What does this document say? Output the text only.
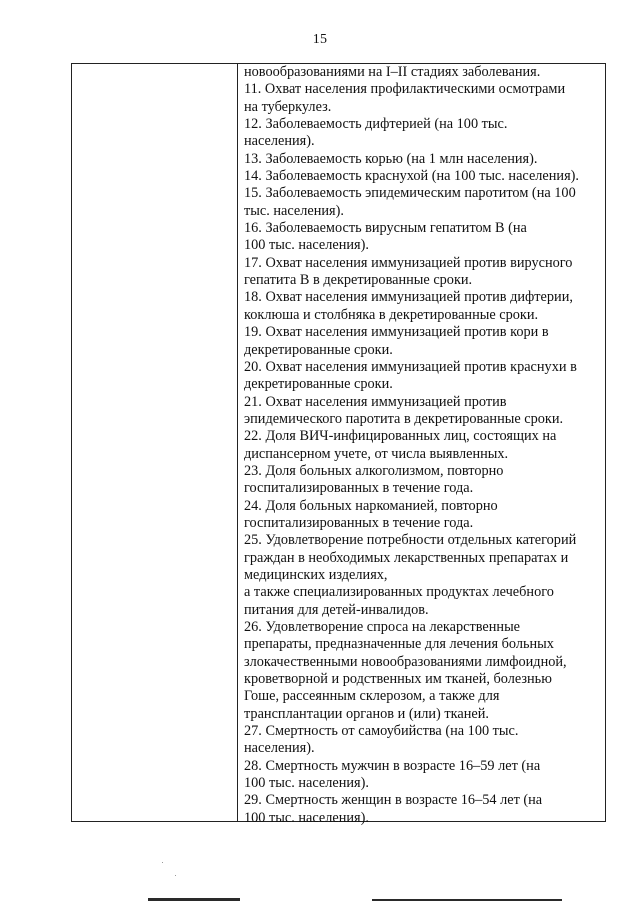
15

новообразованиями на I–II стадиях заболевания.

11. Охват населения профилактическими осмотрами

на туберкулез.

12. Заболеваемость дифтерией (на 100 тыс.

населения).

13. Заболеваемость корью (на 1 млн населения).

14. Заболеваемость краснухой (на 100 тыс. населения).

15. Заболеваемость эпидемическим паротитом (на 100

тыс. населения).

16. Заболеваемость вирусным гепатитом В (на

100 тыс. населения).

17. Охват населения иммунизацией против вирусного

гепатита В в декретированные сроки.

18. Охват населения иммунизацией против дифтерии,

коклюша и столбняка в декретированные сроки.

19. Охват населения иммунизацией против кори в

декретированные сроки.

20. Охват населения иммунизацией против краснухи в

декретированные сроки.

21. Охват населения иммунизацией против

эпидемического паротита в декретированные сроки.

22. Доля ВИЧ-инфицированных лиц, состоящих на

диспансерном учете, от числа выявленных.

23. Доля больных алкоголизмом, повторно

госпитализированных в течение года.

24. Доля больных наркоманией, повторно

госпитализированных в течение года.

25. Удовлетворение потребности отдельных категорий

граждан в необходимых лекарственных препаратах и

медицинских изделиях,

а также специализированных продуктах лечебного

питания для детей-инвалидов.

26. Удовлетворение спроса на лекарственные

препараты, предназначенные для лечения больных

злокачественными новообразованиями лимфоидной,

кроветворной и родственных им тканей, болезнью

Гоше, рассеянным склерозом, а также для

трансплантации органов и (или) тканей.

27. Смертность от самоубийства (на 100 тыс.

населения).

28. Смертность мужчин в возрасте 16–59 лет (на

100 тыс. населения).

29. Смертность женщин в возрасте 16–54 лет (на

100 тыс. населения).
